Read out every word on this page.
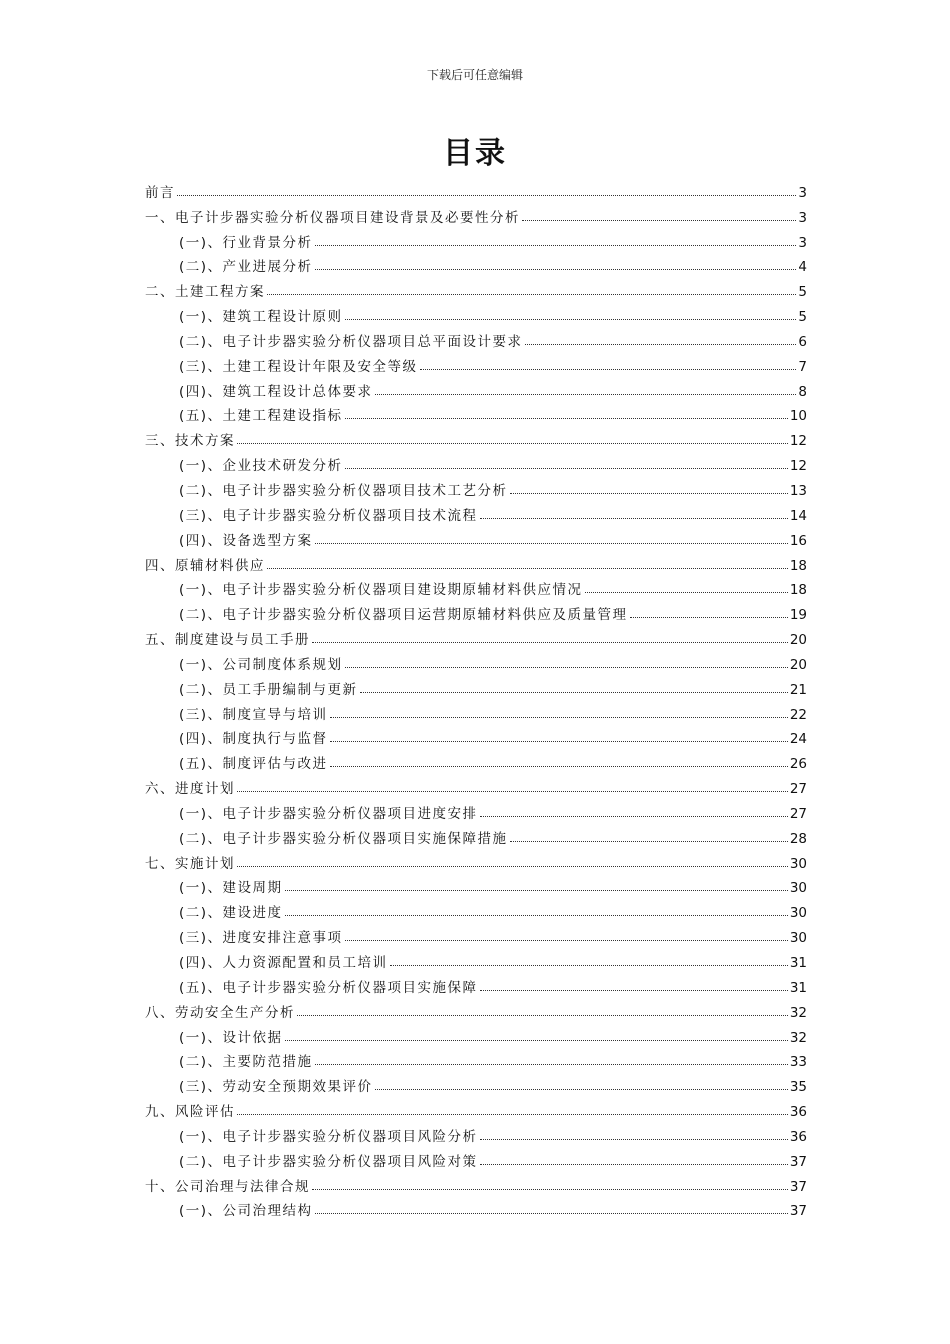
下载后可任意编辑
目录
前言	3
一、电子计步器实验分析仪器项目建设背景及必要性分析	3
(一)、行业背景分析	3
(二)、产业进展分析	4
二、土建工程方案	5
(一)、建筑工程设计原则	5
(二)、电子计步器实验分析仪器项目总平面设计要求	6
(三)、土建工程设计年限及安全等级	7
(四)、建筑工程设计总体要求	8
(五)、土建工程建设指标	10
三、技术方案	12
(一)、企业技术研发分析	12
(二)、电子计步器实验分析仪器项目技术工艺分析	13
(三)、电子计步器实验分析仪器项目技术流程	14
(四)、设备选型方案	16
四、原辅材料供应	18
(一)、电子计步器实验分析仪器项目建设期原辅材料供应情况	18
(二)、电子计步器实验分析仪器项目运营期原辅材料供应及质量管理	19
五、制度建设与员工手册	20
(一)、公司制度体系规划	20
(二)、员工手册编制与更新	21
(三)、制度宣导与培训	22
(四)、制度执行与监督	24
(五)、制度评估与改进	26
六、进度计划	27
(一)、电子计步器实验分析仪器项目进度安排	27
(二)、电子计步器实验分析仪器项目实施保障措施	28
七、实施计划	30
(一)、建设周期	30
(二)、建设进度	30
(三)、进度安排注意事项	30
(四)、人力资源配置和员工培训	31
(五)、电子计步器实验分析仪器项目实施保障	31
八、劳动安全生产分析	32
(一)、设计依据	32
(二)、主要防范措施	33
(三)、劳动安全预期效果评价	35
九、风险评估	36
(一)、电子计步器实验分析仪器项目风险分析	36
(二)、电子计步器实验分析仪器项目风险对策	37
十、公司治理与法律合规	37
(一)、公司治理结构	37
